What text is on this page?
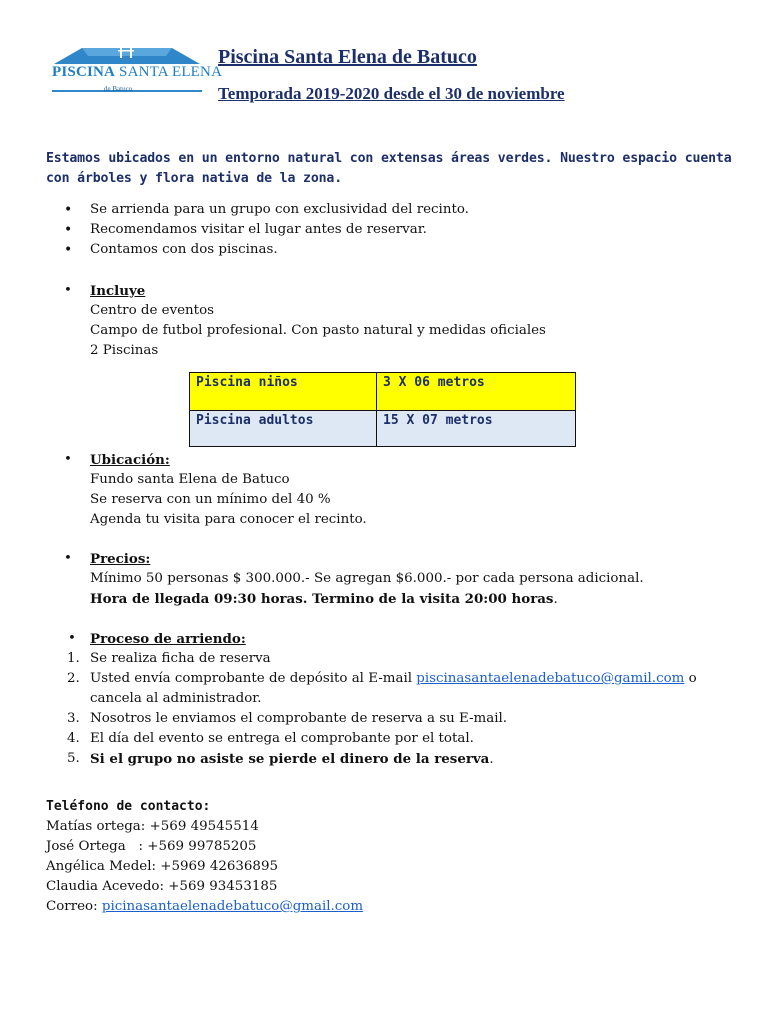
PISCINA SANTA ELENA
de Batuco
Piscina Santa Elena de Batuco
Temporada 2019-2020 desde el 30 de noviembre
Estamos ubicados en un entorno natural con extensas áreas verdes. Nuestro espacio cuenta con árboles y flora nativa de la zona.
• Se arrienda para un grupo con exclusividad del recinto.
• Recomendamos visitar el lugar antes de reservar.
• Contamos con dos piscinas.
• Incluye
Centro de eventos
Campo de futbol profesional. Con pasto natural y medidas oficiales
2 Piscinas
Piscina niños	3 X 06 metros
Piscina adultos	15 X 07 metros
• Ubicación:
Fundo santa Elena de Batuco
Se reserva con un mínimo del 40 %
Agenda tu visita para conocer el recinto.
• Precios:
Mínimo 50 personas $ 300.000.- Se agregan $6.000.- por cada persona adicional.
Hora de llegada 09:30 horas. Termino de la visita 20:00 horas.
• Proceso de arriendo:
1. Se realiza ficha de reserva
2. Usted envía comprobante de depósito al E-mail piscinasantaelenadebatuco@gamil.com o cancela al administrador.
3. Nosotros le enviamos el comprobante de reserva a su E-mail.
4. El día del evento se entrega el comprobante por el total.
5. Si el grupo no asiste se pierde el dinero de la reserva.
Teléfono de contacto:
Matías ortega: +569 49545514
José Ortega   : +569 99785205
Angélica Medel: +5969 42636895
Claudia Acevedo: +569 93453185
Correo: picinasantaelenadebatuco@gmail.com
